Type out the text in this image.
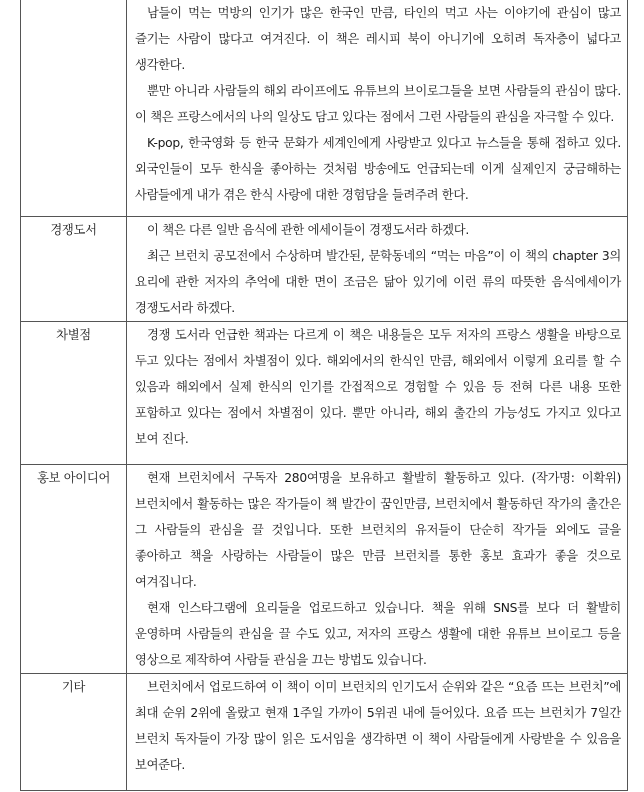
	남들이 먹는 먹방의 인기가 많은 한국인 만큼, 타인의 먹고 사는 이야기에 관심이 많고 즐기는 사람이 많다고 여겨진다. 이 책은 레시피 북이 아니기에 오히려 독자층이 넓다고 생각한다.

뿐만 아니라 사람들의 해외 라이프에도 유튜브의 브이로그들을 보면 사람들의 관심이 많다. 이 책은 프랑스에서의 나의 일상도 담고 있다는 점에서 그런 사람들의 관심을 자극할 수 있다.

K-pop, 한국영화 등 한국 문화가 세계인에게 사랑받고 있다고 뉴스들을 통해 접하고 있다. 외국인들이 모두 한식을 좋아하는 것처럼 방송에도 언급되는데 이게 실제인지 궁금해하는 사람들에게 내가 겪은 한식 사랑에 대한 경험담을 들려주려 한다.

경쟁도서	이 책은 다른 일반 음식에 관한 에세이들이 경쟁도서라 하겠다.

최근 브런치 공모전에서 수상하며 발간된, 문학동네의 “먹는 마음”이 이 책의 chapter 3의 요리에 관한 저자의 추억에 대한 면이 조금은 닮아 있기에 이런 류의 따뜻한 음식에세이가 경쟁도서라 하겠다.

차별점	경쟁 도서라 언급한 책과는 다르게 이 책은 내용들은 모두 저자의 프랑스 생활을 바탕으로 두고 있다는 점에서 차별점이 있다. 해외에서의 한식인 만큼, 해외에서 이렇게 요리를 할 수 있음과 해외에서 실제 한식의 인기를 간접적으로 경험할 수 있음 등 전혀 다른 내용 또한 포함하고 있다는 점에서 차별점이 있다. 뿐만 아니라, 해외 출간의 가능성도 가지고 있다고 보여 진다.

홍보 아이디어	현재 브런치에서 구독자 280여명을 보유하고 활발히 활동하고 있다. (작가명: 이확위) 브런치에서 활동하는 많은 작가들이 책 발간이 꿈인만큼, 브런치에서 활동하던 작가의 출간은 그 사람들의 관심을 끌 것입니다. 또한 브런치의 유저들이 단순히 작가들 외에도 글을 좋아하고 책을 사랑하는 사람들이 많은 만큼 브런치를 통한 홍보 효과가 좋을 것으로 여겨집니다.

현재 인스타그램에 요리들을 업로드하고 있습니다. 책을 위해 SNS를 보다 더 활발히 운영하며 사람들의 관심을 끌 수도 있고, 저자의 프랑스 생활에 대한 유튜브 브이로그 등을 영상으로 제작하여 사람들 관심을 끄는 방법도 있습니다.

기타	브런치에서 업로드하여 이 책이 이미 브런치의 인기도서 순위와 같은 “요즘 뜨는 브런치”에 최대 순위 2위에 올랐고 현재 1주일 가까이 5위권 내에 들어있다. 요즘 뜨는 브런치가 7일간 브런치 독자들이 가장 많이 읽은 도서임을 생각하면 이 책이 사람들에게 사랑받을 수 있음을 보여준다.
